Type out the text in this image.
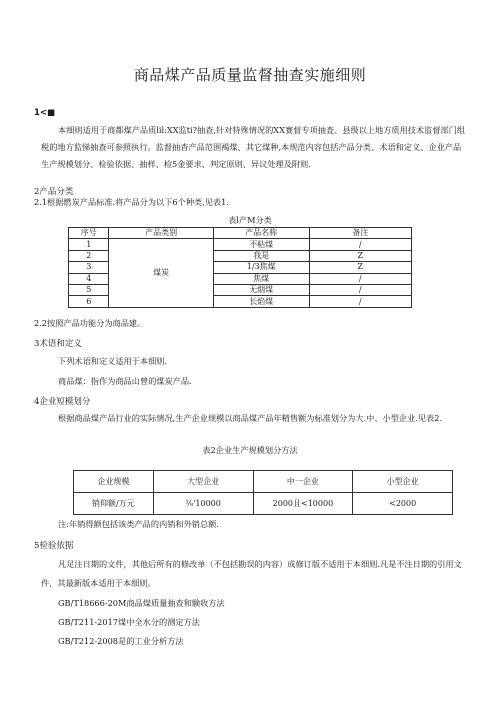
商品煤产品质量监督抽查实施细则
1<■
本细则适用于商都煤产品质lil:XX监ti?抽查,针对特殊情况的XX赛督专项抽査、县级以上地方质用技术监督部门组税的地方监悌抽查可参照执行。监督抽杳产品范围褐煤、其它煤种,本规范内容包括产品分类、术语和定义、企业产品生产规模划分、检验依据、抽样、检5金要求、判定原则、异议处理及附则.
2产品分类
2.1根据燃炭产品标准.将产品分为以下6个种类,见表1.
表l产M分类
序号	产品类别	产品名称	备注
1	煤炭	不粘煤	/
2		我是	Z
3		1/3焦煤	Z
4		焦煤	/
5		无烟煤	/
6		长焰煤	/
2.2按照产品功能分为商品建。
3术语和定义
下列术语和定义适用于本细则.
商品煤：指作为商品山曾的煤炭产品.
4企业短模划分
根据商品煤产品行业的实际情况,生产企业规模以商品煤产品年精售额为标准划分为大.中、小型企业.见表2.
表2企业生产规模划分方法
企业规模	大型企业	中一企业	小型企业
销仰额/万元	⅛'10000	2000且<10000	<2000
注:年销得额包括该类产品的内销和外销总额.
5检验依据
凡足注日期的文件，其他后所有的修改单（不包括勘误的内容）成修订版不适用于本细则.凡是不注日期的引用文件，其最新版本适用于本细则。
GB/T18666-20M商品煤质量抽查和験收方法
GB/T211-2017煤中全水分的测定方法
GB/T212-2008是的工业分析方法
